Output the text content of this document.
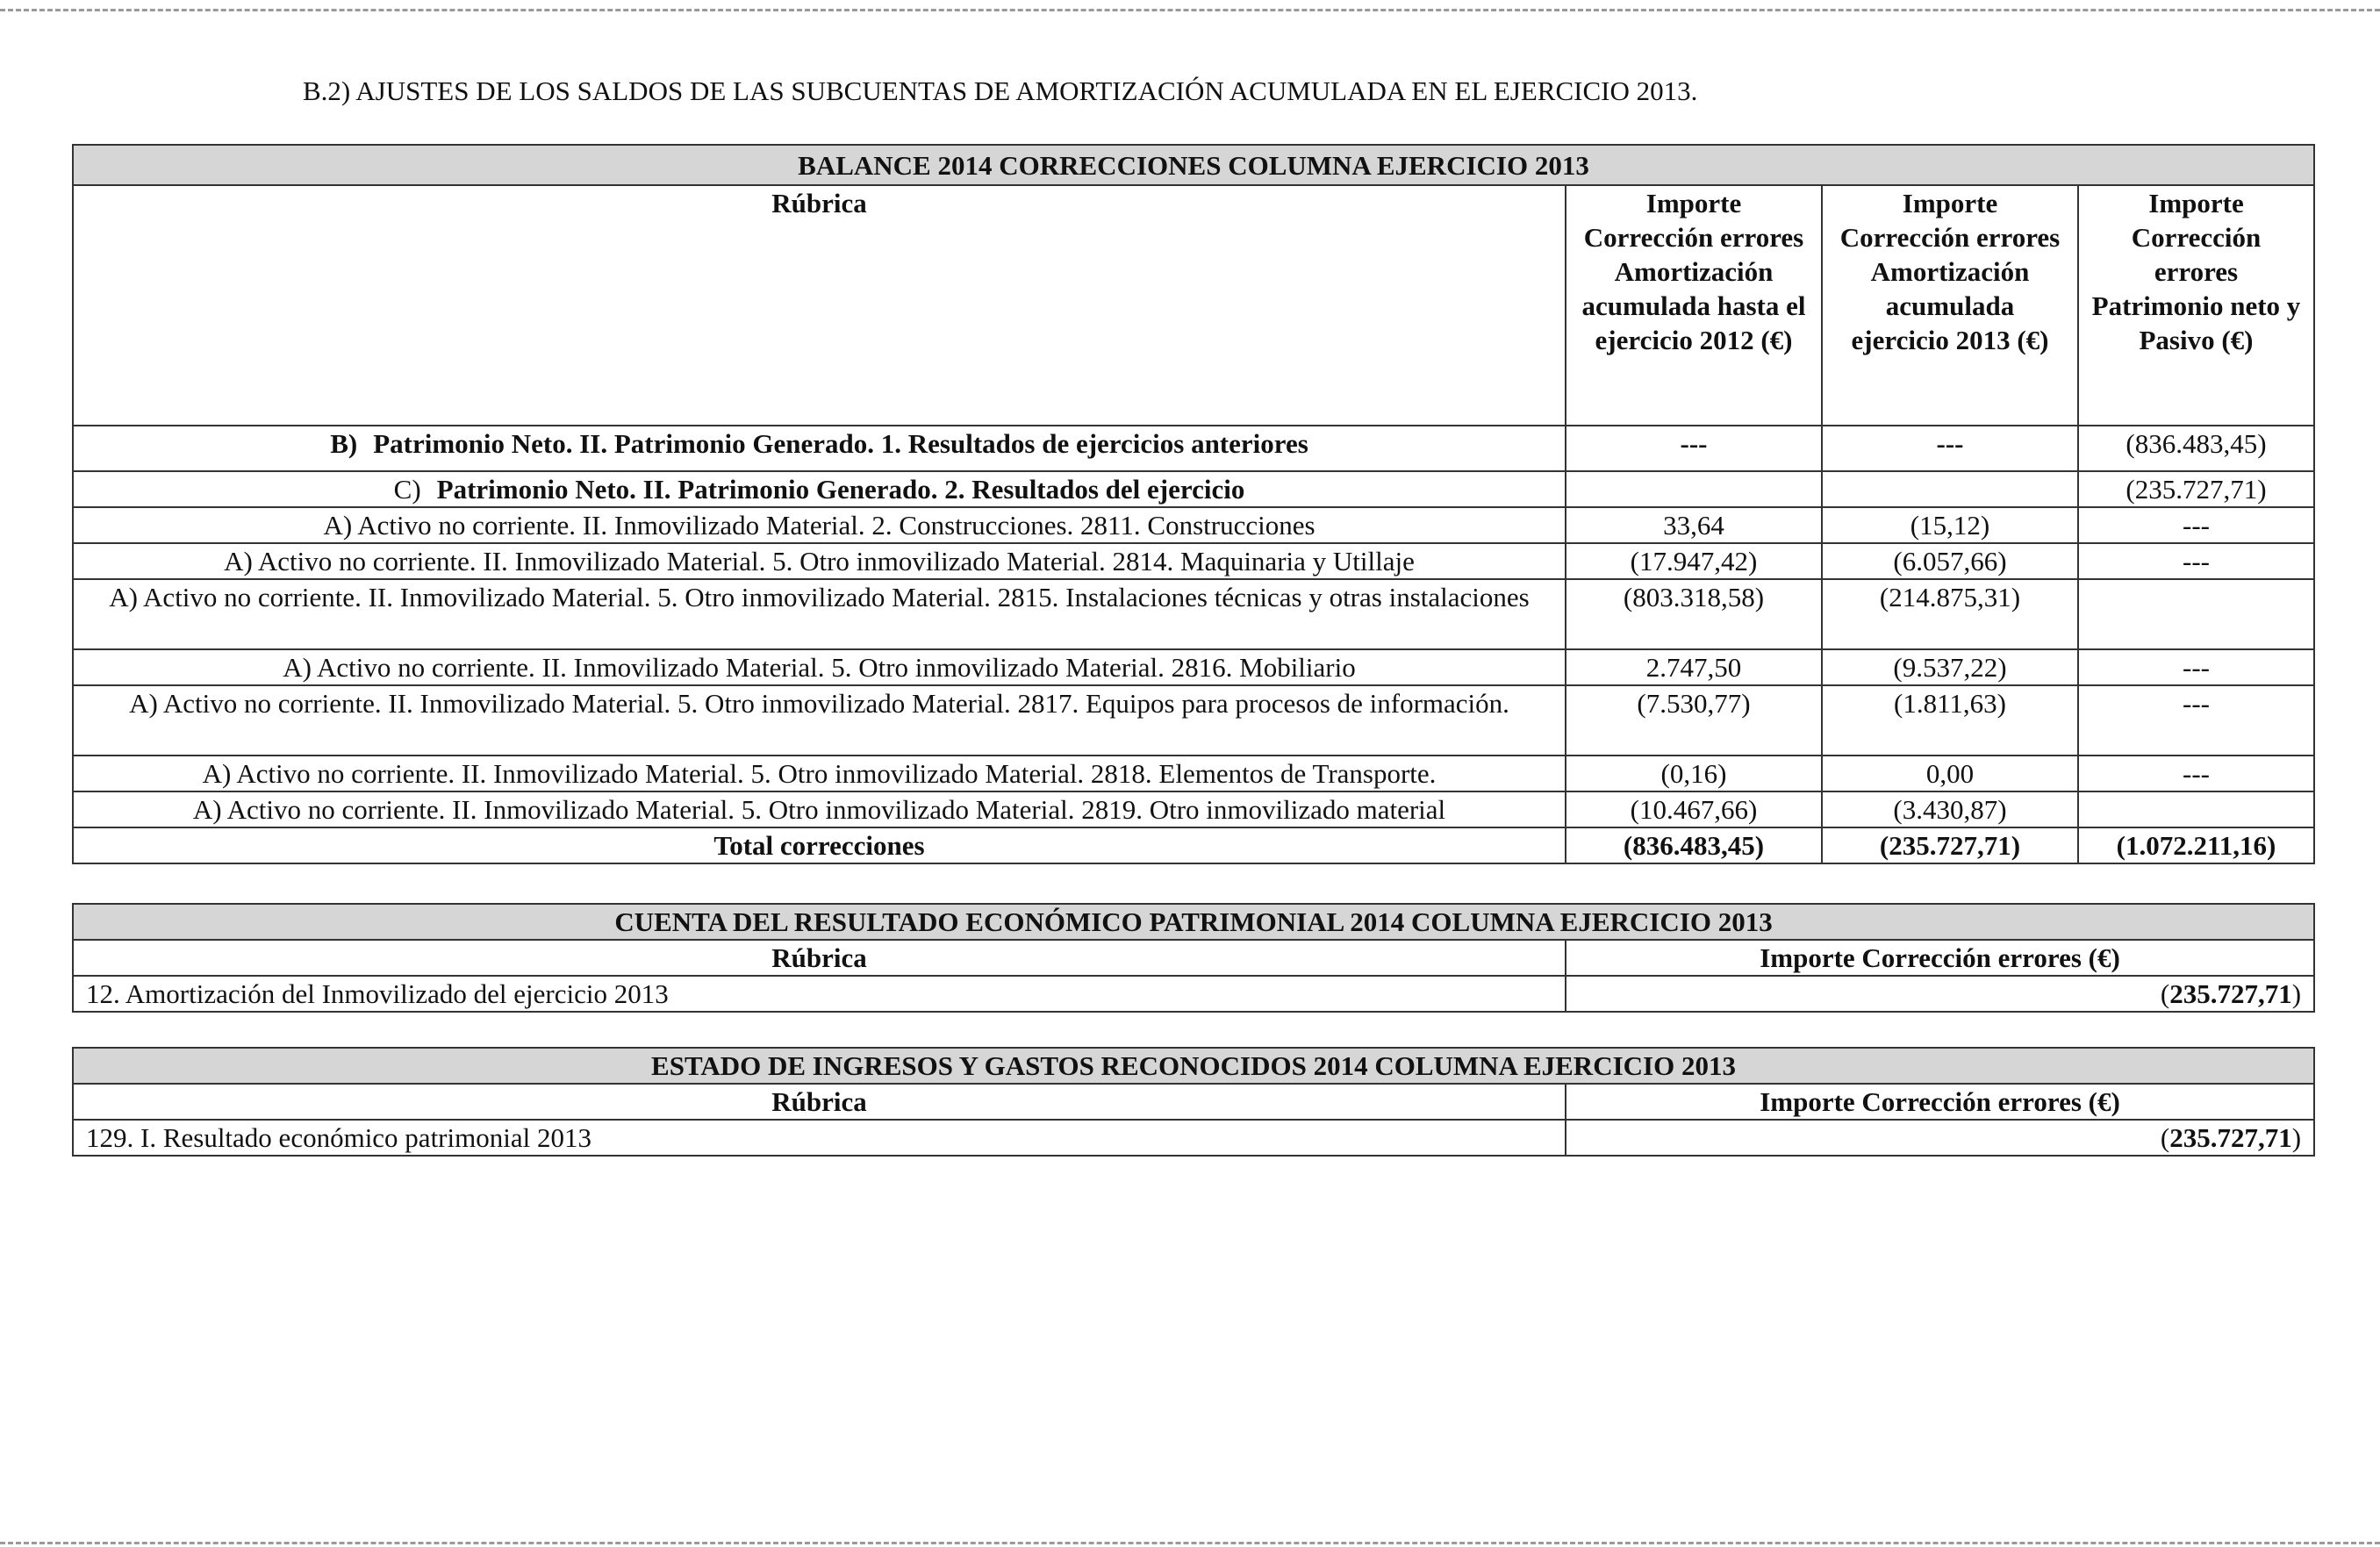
B.2) AJUSTES DE LOS SALDOS DE LAS SUBCUENTAS DE AMORTIZACIÓN ACUMULADA EN EL EJERCICIO 2013.
BALANCE 2014 CORRECCIONES COLUMNA EJERCICIO 2013			
Rúbrica	Importe Corrección errores Amortización acumulada hasta el ejercicio 2012 (€)	Importe Corrección errores Amortización acumulada ejercicio 2013 (€)	Importe Corrección errores Patrimonio neto y Pasivo (€)
B) Patrimonio Neto. II. Patrimonio Generado. 1. Resultados de ejercicios anteriores	---	---	(836.483,45)
C) Patrimonio Neto. II. Patrimonio Generado. 2. Resultados del ejercicio			(235.727,71)
A) Activo no corriente. II. Inmovilizado Material. 2. Construcciones. 2811. Construcciones	33,64	(15,12)	---
A) Activo no corriente. II. Inmovilizado Material. 5. Otro inmovilizado Material. 2814. Maquinaria y Utillaje	(17.947,42)	(6.057,66)	---
A) Activo no corriente. II. Inmovilizado Material. 5. Otro inmovilizado Material. 2815. Instalaciones técnicas y otras instalaciones	(803.318,58)	(214.875,31)	
A) Activo no corriente. II. Inmovilizado Material. 5. Otro inmovilizado Material. 2816. Mobiliario	2.747,50	(9.537,22)	---
A) Activo no corriente. II. Inmovilizado Material. 5. Otro inmovilizado Material. 2817. Equipos para procesos de información.	(7.530,77)	(1.811,63)	---
A) Activo no corriente. II. Inmovilizado Material. 5. Otro inmovilizado Material. 2818. Elementos de Transporte.	(0,16)	0,00	---
A) Activo no corriente. II. Inmovilizado Material. 5. Otro inmovilizado Material. 2819. Otro inmovilizado material	(10.467,66)	(3.430,87)	
Total correcciones	(836.483,45)	(235.727,71)	(1.072.211,16)
CUENTA DEL RESULTADO ECONÓMICO PATRIMONIAL 2014 COLUMNA EJERCICIO 2013	
Rúbrica	Importe Corrección errores (€)
12. Amortización del Inmovilizado del ejercicio 2013	(235.727,71)
ESTADO DE INGRESOS Y GASTOS RECONOCIDOS 2014 COLUMNA EJERCICIO 2013	
Rúbrica	Importe Corrección errores (€)
129. I. Resultado económico patrimonial 2013	(235.727,71)
